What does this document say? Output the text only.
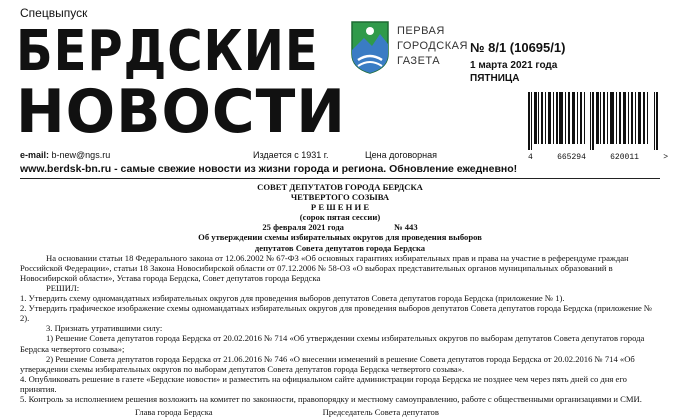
Спецвыпуск
БЕРДСКИЕ
НОВОСТИ
ПЕРВАЯ
ГОРОДСКАЯ
ГАЗЕТА
№ 8/1 (10695/1)
1 марта 2021 года
ПЯТНИЦА
4	665294	620011	>
e-mail: b-new@ngs.ru	Издается с 1931 г.	Цена договорная
www.berdsk-bn.ru - самые свежие новости из жизни города и региона. Обновление ежедневно!
СОВЕТ ДЕПУТАТОВ ГОРОДА БЕРДСКА
ЧЕТВЕРТОГО СОЗЫВА
Р Е Ш Е Н И Е
(сорок пятая сессии)
25 февраля 2021 года	№ 443
Об утверждении схемы избирательных округов для проведения выборов
депутатов Совета депутатов города Бердска

На основании статьи 18 Федерального закона от 12.06.2002 № 67-ФЗ «Об основных гарантиях избирательных прав и права на участие в референдуме граждан Российской Федерации», статьи 18 Закона Новосибирской области от 07.12.2006 № 58-ОЗ «О выборах представительных органов муниципальных образований в Новосибирской области», Устава города Бердска, Совет депутатов города Бердска

РЕШИЛ:

1. Утвердить схему одномандатных избирательных округов для проведения выборов депутатов Совета депутатов города Бердска (приложение № 1).

2. Утвердить графическое изображение схемы одномандатных избирательных округов для проведения выборов депутатов Совета депутатов города Бердска (приложение № 2).

3. Признать утратившими силу:

1) Решение Совета депутатов города Бердска от 20.02.2016 № 714 «Об утверждении схемы избирательных округов по выборам депутатов Совета депутатов города Бердска четвертого созыва»;

2) Решение Совета депутатов города Бердска от 21.06.2016 № 746 «О внесении изменений в решение Совета депутатов города Бердска от 20.02.2016 № 714 «Об утверждении схемы избирательных округов по выборам депутатов Совета депутатов города Бердска четвертого созыва».

4. Опубликовать решение в газете «Бердские новости» и разместить на официальном сайте администрации города Бердска не позднее чем через пять дней со дня его принятия.

5. Контроль за исполнением решения возложить на комитет по законности, правопорядку и местному самоуправлению, работе с общественными организациями и СМИ.

Глава города Бердска	Председатель Совета депутатов
